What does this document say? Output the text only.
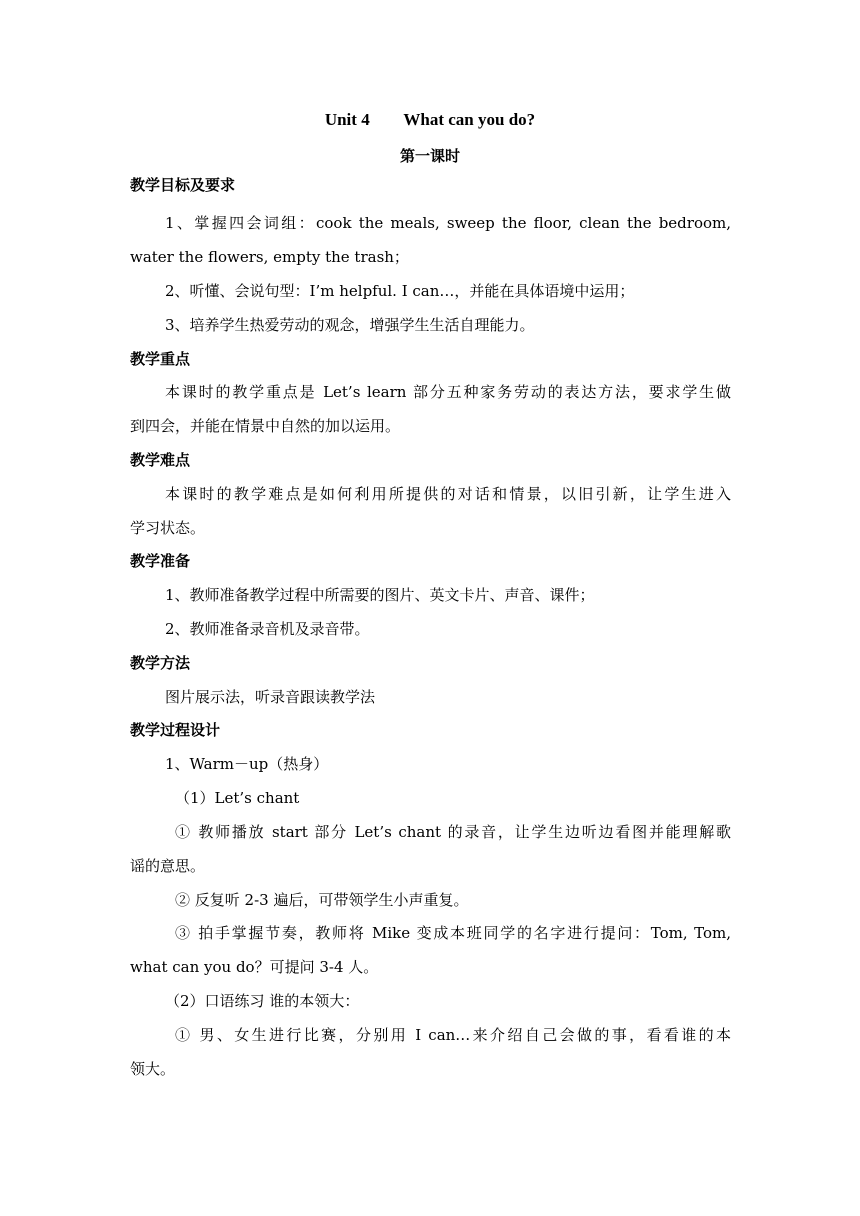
Unit 4        What can you do?
第一课时
教学目标及要求
1、掌握四会词组：cook the meals, sweep the floor, clean the bedroom,
water the flowers, empty the trash；
2、听懂、会说句型：I’m helpful. I can…，并能在具体语境中运用；
3、培养学生热爱劳动的观念，增强学生生活自理能力。
教学重点
本课时的教学重点是 Let’s learn 部分五种家务劳动的表达方法，要求学生做
到四会，并能在情景中自然的加以运用。
教学难点
本课时的教学难点是如何利用所提供的对话和情景，以旧引新，让学生进入
学习状态。
教学准备
1、教师准备教学过程中所需要的图片、英文卡片、声音、课件；
2、教师准备录音机及录音带。
教学方法
图片展示法，听录音跟读教学法
教学过程设计
1、Warm－up（热身）
（1）Let’s chant
① 教师播放 start 部分 Let’s chant 的录音，让学生边听边看图并能理解歌
谣的意思。
② 反复听 2-3 遍后，可带领学生小声重复。
③ 拍手掌握节奏，教师将 Mike 变成本班同学的名字进行提问：Tom, Tom,
what can you do？可提问 3-4 人。
（2）口语练习 谁的本领大：
① 男、女生进行比赛，分别用 I can…来介绍自己会做的事，看看谁的本
领大。
